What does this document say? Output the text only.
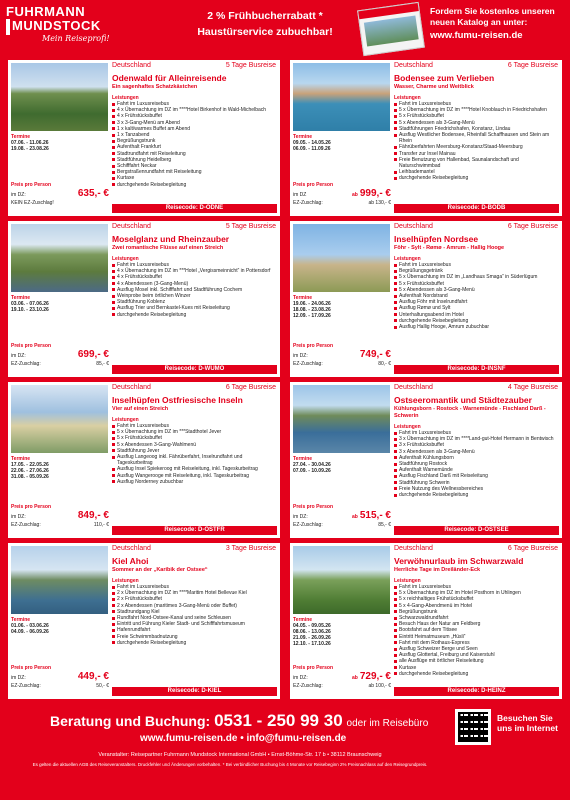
FUHRMANN
MUNDSTOCK
Mein Reiseprofi!
2 % Frühbucherrabatt *
Haustürservice zubuchbar!
Fordern Sie kostenlos unseren neuen Katalog an unter:
www.fumu-reisen.de
Deutschland	5 Tage Busreise
Odenwald für Alleinreisende
Ein sagenhaftes Schatzkästchen
Leistungen
Fahrt im Luxusreisebus
4 x Übernachtung im DZ im ****Hotel Birkenhof in Wald-Michelbach
4 x Frühstücksbuffet
3 x 3-Gang-Menü am Abend
1 x kalt/warmes Buffet am Abend
1 x Tanzabend
Begrüßungstrunk
Aufenthalt Frankfurt
Stadtrundfahrt mit Reiseleitung
Stadtführung Heidelberg
Schifffahrt Neckar
Bergstraßenrundfahrt mit Reiseleitung
Kurtaxe
durchgehende Reisebegleitung
Termine
07.06. - 11.06.26
19.08. - 23.08.26
Preis pro Person
im DZ:	635,- €
KEIN EZ-Zuschlag!
Reisecode: D-ODNE
Deutschland	6 Tage Busreise
Bodensee zum Verlieben
Wasser, Charme und Weitblick
Leistungen
Fahrt im Luxusreisebus
5 x Übernachtung im DZ im ****Hotel Knoblauch in Friedrichshafen
5 x Frühstücksbuffet
5 x Abendessen als 3-Gang-Menü
Stadtführungen Friedrichshafen, Konstanz, Lindau
Ausflug Westlicher Bodensee, Rheinfall Schaffhausen und Stein am Rhein
Fährüberfahrten Meersburg-Konstanz/Staad-Meersburg
Transfer zur Insel Mainau
Freie Benutzung von Hallenbad, Saunalandschaft und Naturschwimmbad
Leihbademantel
durchgehende Reisebegleitung
Termine
09.05. - 14.05.26
06.09. - 11.09.26
Preis pro Person
im DZ	ab 999,- €
EZ-Zuschlag:	ab 130,- €
Reisecode: D-BODB
Deutschland	5 Tage Busreise
Moselglanz und Rheinzauber
Zwei romantische Flüsse auf einen Streich
Leistungen
Fahrt im Luxusreisebus
4 x Übernachtung im DZ im ***Hotel „Vergissmeinnicht“ in Pottersdorf
4 x Frühstücksbuffet
4 x Abendessen (3-Gang-Menü)
Ausflug Mosel inkl. Schifffahrt und Stadtführung Cochem
Weinprobe beim örtlichen Winzer
Stadtführung Koblenz
Ausflug Trier und Bernkastel-Kues mit Reiseleitung
durchgehende Reisebegleitung
Termine
03.06. - 07.06.26
19.10. - 23.10.26
Preis pro Person
im DZ:	699,- €
EZ-Zuschlag:	85,- €
Reisecode: D-WUMO
Deutschland	6 Tage Busreise
Inselhüpfen Nordsee
Föhr - Sylt - Rømø - Amrum - Hallig Hooge
Leistungen
Fahrt im Luxusreisebus
Begrüßungsgetränk
5 x Übernachtung im DZ im „Landhaus Smaga“ in Süderlügum
5 x Frühstücksbuffet
5 x Abendessen als 3-Gang-Menü
Aufenthalt Nordstrand
Ausflug Föhr mit Inselrundfahrt
Ausflug Rømø und Sylt
Unterhaltungsabend im Hotel
durchgehende Reisebegleitung
Ausflug Hallig Hooge, Amrum zubuchbar
Termine
19.06. - 24.06.26
18.08. - 23.08.26
12.09. - 17.09.26
Preis pro Person
im DZ:	749,- €
EZ-Zuschlag:	80,- €
Reisecode: D-INSNF
Deutschland	6 Tage Busreise
Inselhüpfen Ostfriesische Inseln
Vier auf einen Streich
Leistungen
Fahrt im Luxusreisebus
5 x Übernachtung im DZ im ***Stadthotel Jever
5 x Frühstücksbuffet
5 x Abendessen 3-Gang-Wahlmenü
Stadtführung Jever
Ausflug Langeoog inkl. Fährüberfahrt, Inselrundfahrt und Tageskurbeitrag
Ausflug Insel Spiekeroog mit Reiseleitung, inkl. Tageskurbeitrag
Ausflug Wangerooge mit Reiseleitung, inkl. Tageskurbeitrag
Ausflug Norderney zubuchbar
Termine
17.05. - 22.05.26
22.06. - 27.06.26
31.08. - 05.09.26
Preis pro Person
im DZ:	849,- €
EZ-Zuschlag:	110,- €
Reisecode: D-OSTFR
Deutschland	4 Tage Busreise
Ostseeromantik und Städtezauber
Kühlungsborn - Rostock - Warnemünde - Fischland Darß - Schwerin
Leistungen
Fahrt im Luxusreisebus
3 x Übernachtung im DZ im ****Land-gut-Hotel Hermann in Bentwisch
3 x Frühstücksbuffet
3 x Abendessen als 3-Gang-Menü
Aufenthalt Kühlungsborn
Stadtführung Rostock
Aufenthalt Warnemünde
Ausflug Fischland Darß mit Reiseleitung
Stadtführung Schwerin
Freie Nutzung des Wellnessbereiches
durchgehende Reisebegleitung
Termine
27.04. - 30.04.26
07.09. - 10.09.26
Preis pro Person
im DZ:	ab 515,- €
EZ-Zuschlag:	85,- €
Reisecode: D-OSTSEE
Deutschland	3 Tage Busreise
Kiel Ahoi
Sommer an der „Karibik der Ostsee“
Leistungen
Fahrt im Luxusreisebus
2 x Übernachtung im DZ im ****Maritim Hotel Bellevue Kiel
2 x Frühstücksbuffet
2 x Abendessen (maritimes 3-Gang-Menü oder Buffet)
Stadtrundgang Kiel
Rundfahrt Nord-Ostsee-Kanal und seine Schleusen
Eintritt und Führung Kieler Stadt- und Schifffahrtsmuseum
Hafenrundfahrt
Freie Schwimmbadnutzung
durchgehende Reisebegleitung
Termine
01.06. - 03.06.26
04.09. - 06.09.26
Preis pro Person
im DZ:	449,- €
EZ-Zuschlag:	50,- €
Reisecode: D-KIEL
Deutschland	6 Tage Busreise
Verwöhnurlaub im Schwarzwald
Herrliche Tage im Dreiländer-Eck
Leistungen
Fahrt im Luxusreisebus
5 x Übernachtung im DZ im Hotel Posthorn in Uhlingen
5 x reichhaltiges Frühstücksbuffet
5 x 4-Gang-Abendmenü im Hotel
Begrüßungstrunk
Schwarzwaldrundfahrt
Besuch Haus der Natur am Feldberg
Bootsfahrt auf dem Titisee
Eintritt Heimatmuseum „Hüsli“
Fahrt mit dem Rothaus-Express
Ausflug Schweizer Berge und Seen
Ausflug Glottertal, Freiburg und Kaiserstuhl
alle Ausflüge mit örtlicher Reiseleitung
Kurtaxe
durchgehende Reisebegleitung
Termine
04.05. - 09.05.26
08.06. - 13.06.26
21.09. - 26.09.26
12.10. - 17.10.26
Preis pro Person
im DZ:	ab 729,- €
EZ-Zuschlag:	ab 100,- €
Reisecode: D-HEINZ
Beratung und Buchung: 0531 - 250 99 30 oder im Reisebüro
www.fumu-reisen.de • info@fumu-reisen.de
Veranstalter: Reisepartner Fuhrmann Mundstock International GmbH • Ernst-Böhme-Str. 17 b • 38112 Braunschweig
Es gelten die aktuellen AGB des Reiseveranstalters. Druckfehler und Änderungen vorbehalten. * Bei verbindlicher Buchung bis 4 Monate vor Reisebeginn 2% Preisnachlass auf den Reisegrundpreis.
Besuchen Sie
uns im Internet
